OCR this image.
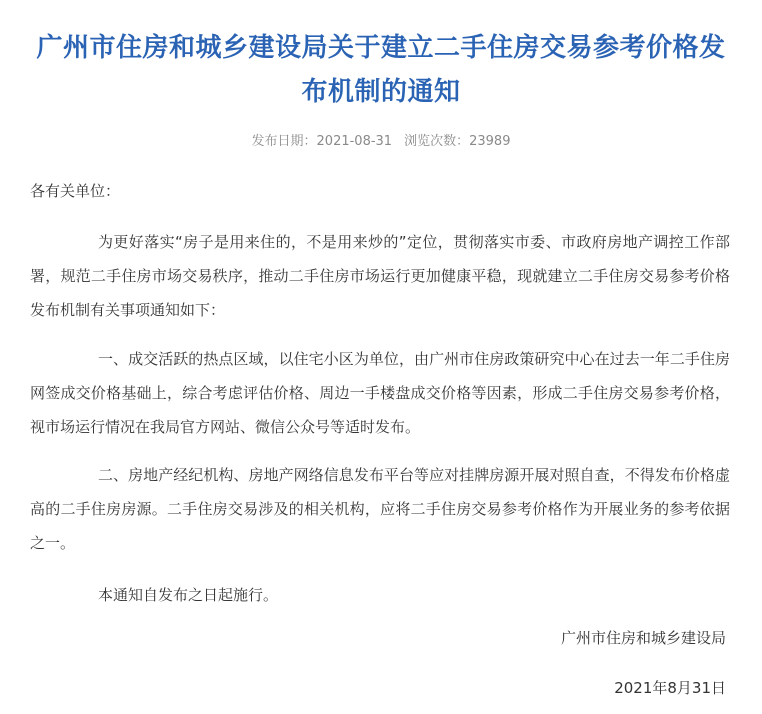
广州市住房和城乡建设局关于建立二手住房交易参考价格发布机制的通知
发布日期：2021-08-31 浏览次数：23989
各有关单位：

为更好落实“房子是用来住的，不是用来炒的”定位，贯彻落实市委、市政府房地产调控工作部署，规范二手住房市场交易秩序，推动二手住房市场运行更加健康平稳，现就建立二手住房交易参考价格发布机制有关事项通知如下：

一、成交活跃的热点区域，以住宅小区为单位，由广州市住房政策研究中心在过去一年二手住房网签成交价格基础上，综合考虑评估价格、周边一手楼盘成交价格等因素，形成二手住房交易参考价格，视市场运行情况在我局官方网站、微信公众号等适时发布。

二、房地产经纪机构、房地产网络信息发布平台等应对挂牌房源开展对照自查，不得发布价格虚高的二手住房房源。二手住房交易涉及的相关机构，应将二手住房交易参考价格作为开展业务的参考依据之一。

本通知自发布之日起施行。

广州市住房和城乡建设局
2021年8月31日
